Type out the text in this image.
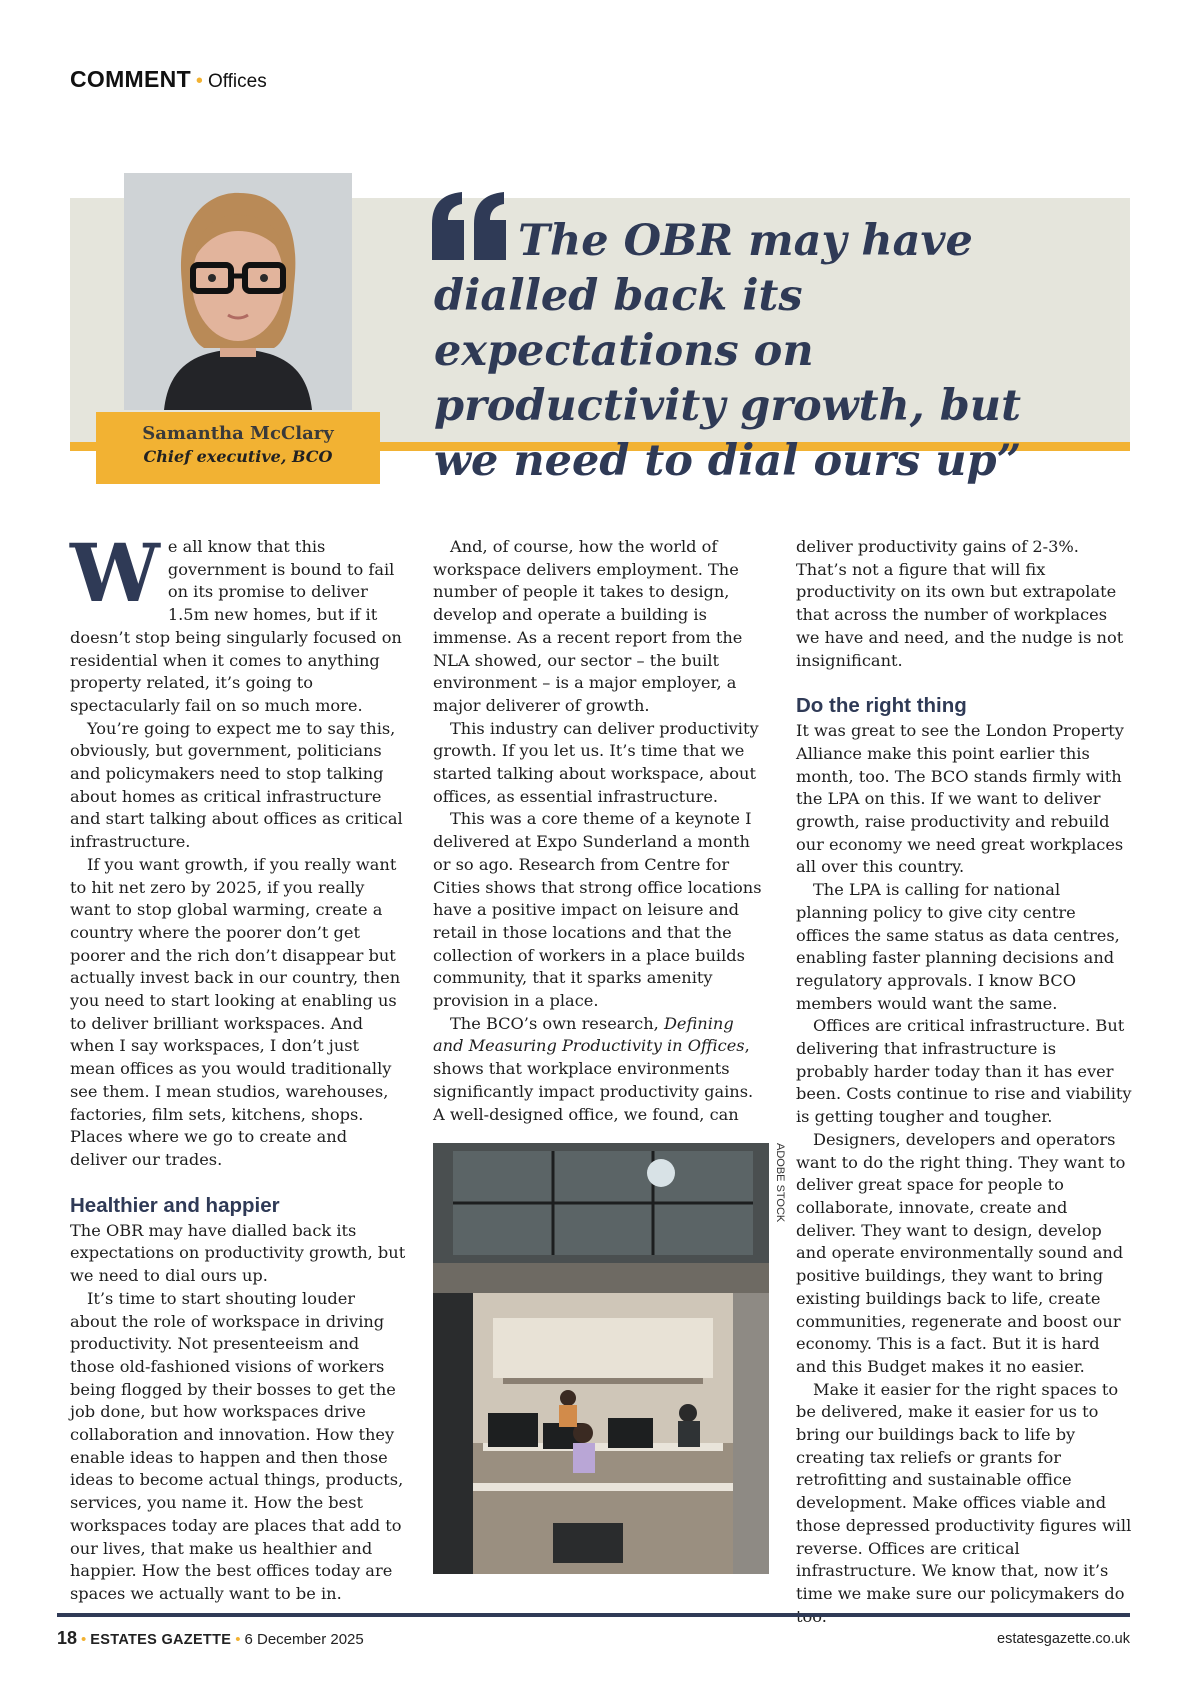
COMMENT • Offices
Samantha McClary
Chief executive, BCO
The OBR may have dialled back its expectations on productivity growth, but we need to dial ours up”

We all know that this government is bound to fail on its promise to deliver 1.5m new homes, but if it doesn’t stop being singularly focused on residential when it comes to anything property related, it’s going to spectacularly fail on so much more.

You’re going to expect me to say this, obviously, but government, politicians and policymakers need to stop talking about homes as critical infrastructure and start talking about offices as critical infrastructure.

If you want growth, if you really want to hit net zero by 2025, if you really want to stop global warming, create a country where the poorer don’t get poorer and the rich don’t disappear but actually invest back in our country, then you need to start looking at enabling us to deliver brilliant workspaces. And when I say workspaces, I don’t just mean offices as you would traditionally see them. I mean studios, warehouses, factories, film sets, kitchens, shops. Places where we go to create and deliver our trades.

Healthier and happier

The OBR may have dialled back its expectations on productivity growth, but we need to dial ours up.

It’s time to start shouting louder about the role of workspace in driving productivity. Not presenteeism and those old-fashioned visions of workers being flogged by their bosses to get the job done, but how workspaces drive collaboration and innovation. How they enable ideas to happen and then those ideas to become actual things, products, services, you name it. How the best workspaces today are places that add to our lives, that make us healthier and happier. How the best offices today are spaces we actually want to be in.

And, of course, how the world of workspace delivers employment. The number of people it takes to design, develop and operate a building is immense. As a recent report from the NLA showed, our sector – the built environment – is a major employer, a major deliverer of growth.

This industry can deliver productivity growth. If you let us. It’s time that we started talking about workspace, about offices, as essential infrastructure.

This was a core theme of a keynote I delivered at Expo Sunderland a month or so ago. Research from Centre for Cities shows that strong office locations have a positive impact on leisure and retail in those locations and that the collection of workers in a place builds community, that it sparks amenity provision in a place.

The BCO’s own research, Defining and Measuring Productivity in Offices, shows that workplace environments significantly impact productivity gains. A well-designed office, we found, can

ADOBE STOCK

deliver productivity gains of 2-3%. That’s not a figure that will fix productivity on its own but extrapolate that across the number of workplaces we have and need, and the nudge is not insignificant.

Do the right thing

It was great to see the London Property Alliance make this point earlier this month, too. The BCO stands firmly with the LPA on this. If we want to deliver growth, raise productivity and rebuild our economy we need great workplaces all over this country.

The LPA is calling for national planning policy to give city centre offices the same status as data centres, enabling faster planning decisions and regulatory approvals. I know BCO members would want the same.

Offices are critical infrastructure. But delivering that infrastructure is probably harder today than it has ever been. Costs continue to rise and viability is getting tougher and tougher.

Designers, developers and operators want to do the right thing. They want to deliver great space for people to collaborate, innovate, create and deliver. They want to design, develop and operate environmentally sound and positive buildings, they want to bring existing buildings back to life, create communities, regenerate and boost our economy. This is a fact. But it is hard and this Budget makes it no easier.

Make it easier for the right spaces to be delivered, make it easier for us to bring our buildings back to life by creating tax reliefs or grants for retrofitting and sustainable office development. Make offices viable and those depressed productivity figures will reverse. Offices are critical infrastructure. We know that, now it’s time we make sure our policymakers do

18 • ESTATES GAZETTE • 6 December 2025	estatesgazette.co.uk
